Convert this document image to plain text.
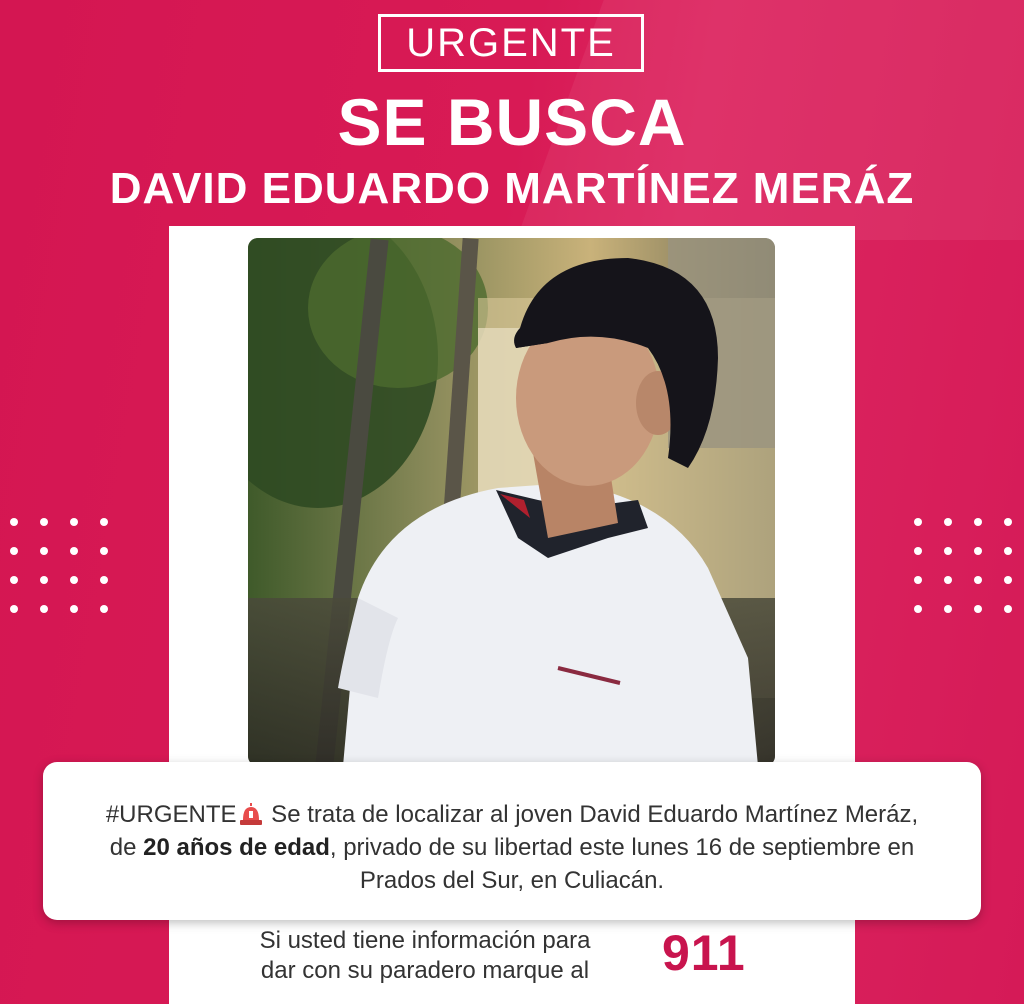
URGENTE
SE BUSCA
DAVID EDUARDO MARTÍNEZ MERÁZ
#URGENTE Se trata de localizar al joven David Eduardo Martínez Meráz, de 20 años de edad, privado de su libertad este lunes 16 de septiembre en Prados del Sur, en Culiacán.
Si usted tiene información para
dar con su paradero marque al	911
